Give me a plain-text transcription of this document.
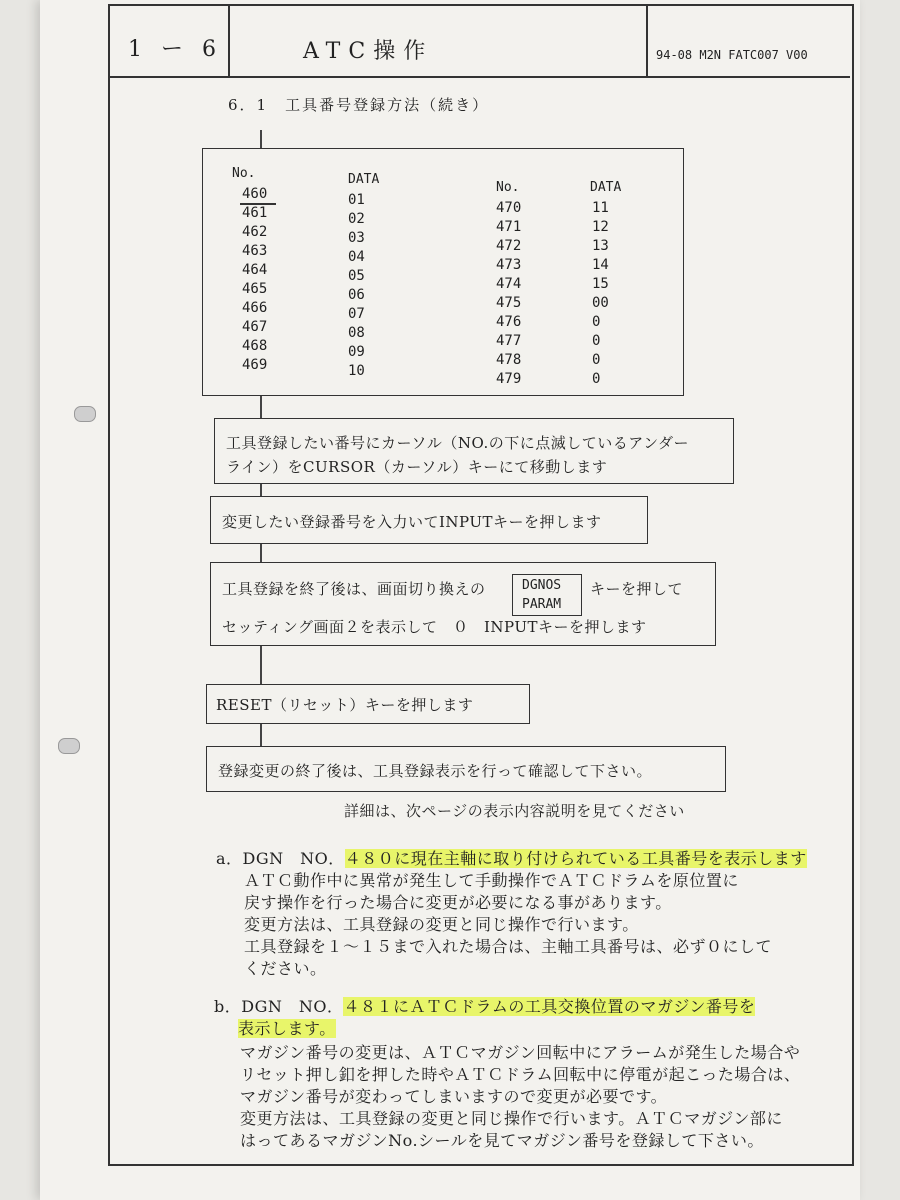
1 ー 6	ATC操作	94-08 M2N FATC007 V00
6．1　工具番号登録方法（続き）
No.	DATA
No.	DATA
460	01
461	02
462	03
463	04
464	05
465	06
466	07
467	08
468	09
469	10
470	11
471	12
472	13
473	14
474	15
475	00
476	0
477	0
478	0
479	0
工具登録したい番号にカーソル（NO.の下に点滅しているアンダー
ライン）をCURSOR（カーソル）キーにて移動します
変更したい登録番号を入力いてINPUTキーを押します
工具登録を終了後は、画面切り換えの	DGNOS
PARAM
キーを押して
セッティング画面２を表示して　０　INPUTキーを押します
RESET（リセット）キーを押します
登録変更の終了後は、工具登録表示を行って確認して下さい。
詳細は、次ページの表示内容説明を見てください
a．DGN　NO．４８０に現在主軸に取り付けられている工具番号を表示します
ＡＴＣ動作中に異常が発生して手動操作でＡＴＣドラムを原位置に
戻す操作を行った場合に変更が必要になる事があります。
変更方法は、工具登録の変更と同じ操作で行います。
工具登録を１～１５まで入れた場合は、主軸工具番号は、必ず０にして
ください。
b．DGN　NO．４８１にＡＴＣドラムの工具交換位置のマガジン番号を
表示します。
マガジン番号の変更は、ＡＴＣマガジン回転中にアラームが発生した場合や
リセット押し釦を押した時やＡＴＣドラム回転中に停電が起こった場合は、
マガジン番号が変わってしまいますので変更が必要です。
変更方法は、工具登録の変更と同じ操作で行います。ＡＴＣマガジン部に
はってあるマガジンNo.シールを見てマガジン番号を登録して下さい。
